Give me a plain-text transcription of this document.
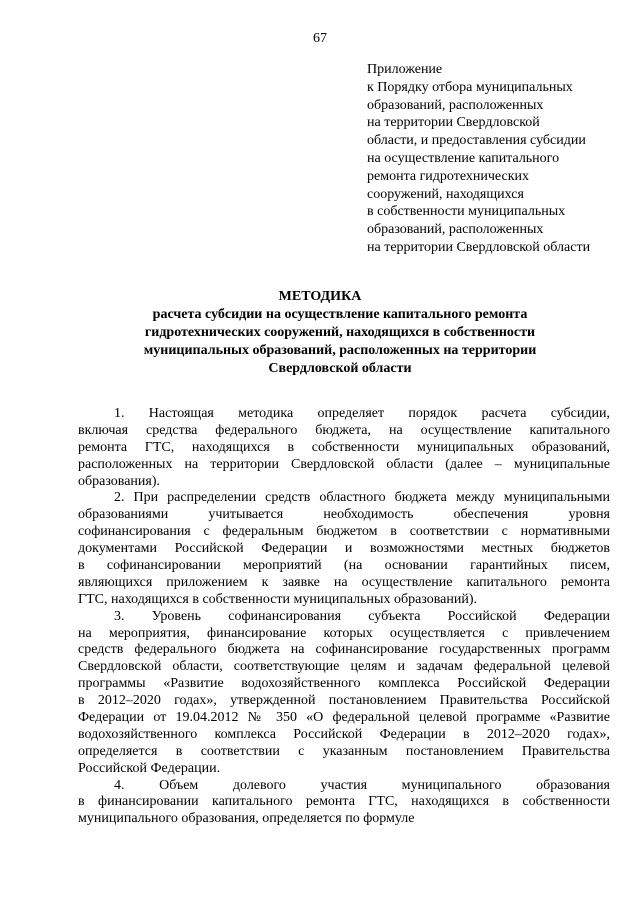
67
Приложение
к Порядку отбора муниципальных
образований, расположенных
на территории Свердловской
области, и предоставления субсидии
на осуществление капитального
ремонта гидротехнических
сооружений, находящихся
в собственности муниципальных
образований, расположенных
на территории Свердловской области
МЕТОДИКА
расчета субсидии на осуществление капитального ремонта
гидротехнических сооружений, находящихся в собственности
муниципальных образований, расположенных на территории
Свердловской области
1. Настоящая методика определяет порядок расчета субсидии,
включая средства федерального бюджета, на осуществление капитального
ремонта ГТС, находящихся в собственности муниципальных образований,
расположенных на территории Свердловской области (далее – муниципальные
образования).
2. При распределении средств областного бюджета между муниципальными
образованиями учитывается необходимость обеспечения уровня
софинансирования с федеральным бюджетом в соответствии с нормативными
документами Российской Федерации и возможностями местных бюджетов
в софинансировании мероприятий (на основании гарантийных писем,
являющихся приложением к заявке на осуществление капитального ремонта
ГТС, находящихся в собственности муниципальных образований).
3. Уровень софинансирования субъекта Российской Федерации
на мероприятия, финансирование которых осуществляется с привлечением
средств федерального бюджета на софинансирование государственных программ
Свердловской области, соответствующие целям и задачам федеральной целевой
программы «Развитие водохозяйственного комплекса Российской Федерации
в 2012–2020 годах», утвержденной постановлением Правительства Российской
Федерации от 19.04.2012 № 350 «О федеральной целевой программе «Развитие
водохозяйственного комплекса Российской Федерации в 2012–2020 годах»,
определяется в соответствии с указанным постановлением Правительства
Российской Федерации.
4. Объем долевого участия муниципального образования
в финансировании капитального ремонта ГТС, находящихся в собственности
муниципального образования, определяется по формуле
